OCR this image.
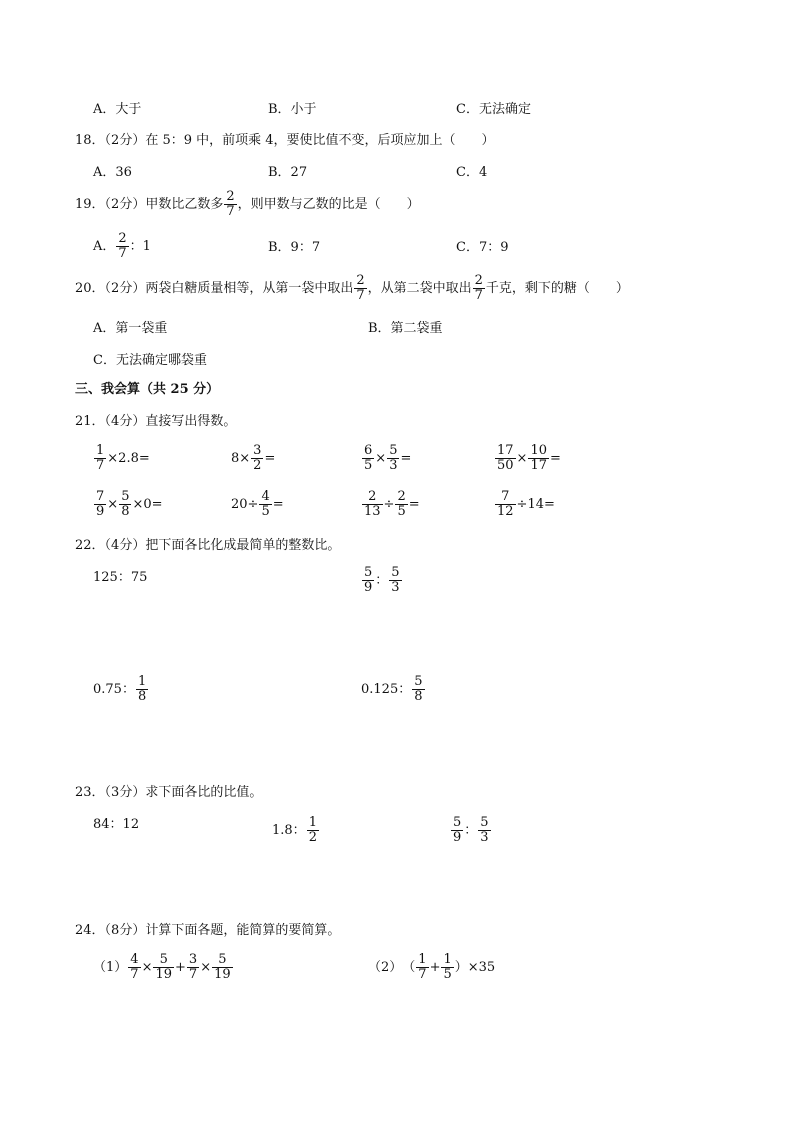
A．大于	B．小于	C．无法确定
18．（2分）在 5：9 中，前项乘 4，要使比值不变，后项应加上（　　）
A．36	B．27	C．4
19．（2分）甲数比乙数多 $\frac{2}{7}$ ，则甲数与乙数的比是（　　）
A． $\frac{2}{7}$ ：1	B．9：7	C．7：9
20．（2分）两袋白糖质量相等，从第一袋中取出 $\frac{2}{7}$ ，从第二袋中取出 $\frac{2}{7}$ 千克，剩下的糖（　　）
A．第一袋重	B．第二袋重
C．无法确定哪袋重
三、我会算（共 25 分）
21．（4分）直接写出得数。
$\frac{1}{7} \times 2.8=$	$8\times \frac{3}{2}$ =	$\frac{6}{5} \times \frac{5}{3}$ =	$\frac{17}{50} \times \frac{10}{17}$ =
$\frac{7}{9} \times \frac{5}{8} \times 0=$	$20\div \frac{4}{5}$ =	$\frac{2}{13} \div \frac{2}{5}$ =	$\frac{7}{12} \div 14=$
22．（4分）把下面各比化成最简单的整数比。
125：75	$\frac{5}{9}$ ： $\frac{5}{3}$
0.75： $\frac{1}{8}$	0.125： $\frac{5}{8}$
23．（3分）求下面各比的比值。
84：12	1.8： $\frac{1}{2}$	$\frac{5}{9}$ ： $\frac{5}{3}$
24．（8分）计算下面各题，能简算的要简算。
$(1) \frac{4}{7} \times \frac{5}{19} + \frac{3}{7} \times \frac{5}{19}$	（2） （ $\frac{1}{7} + \frac{1}{5} )\times 35$
